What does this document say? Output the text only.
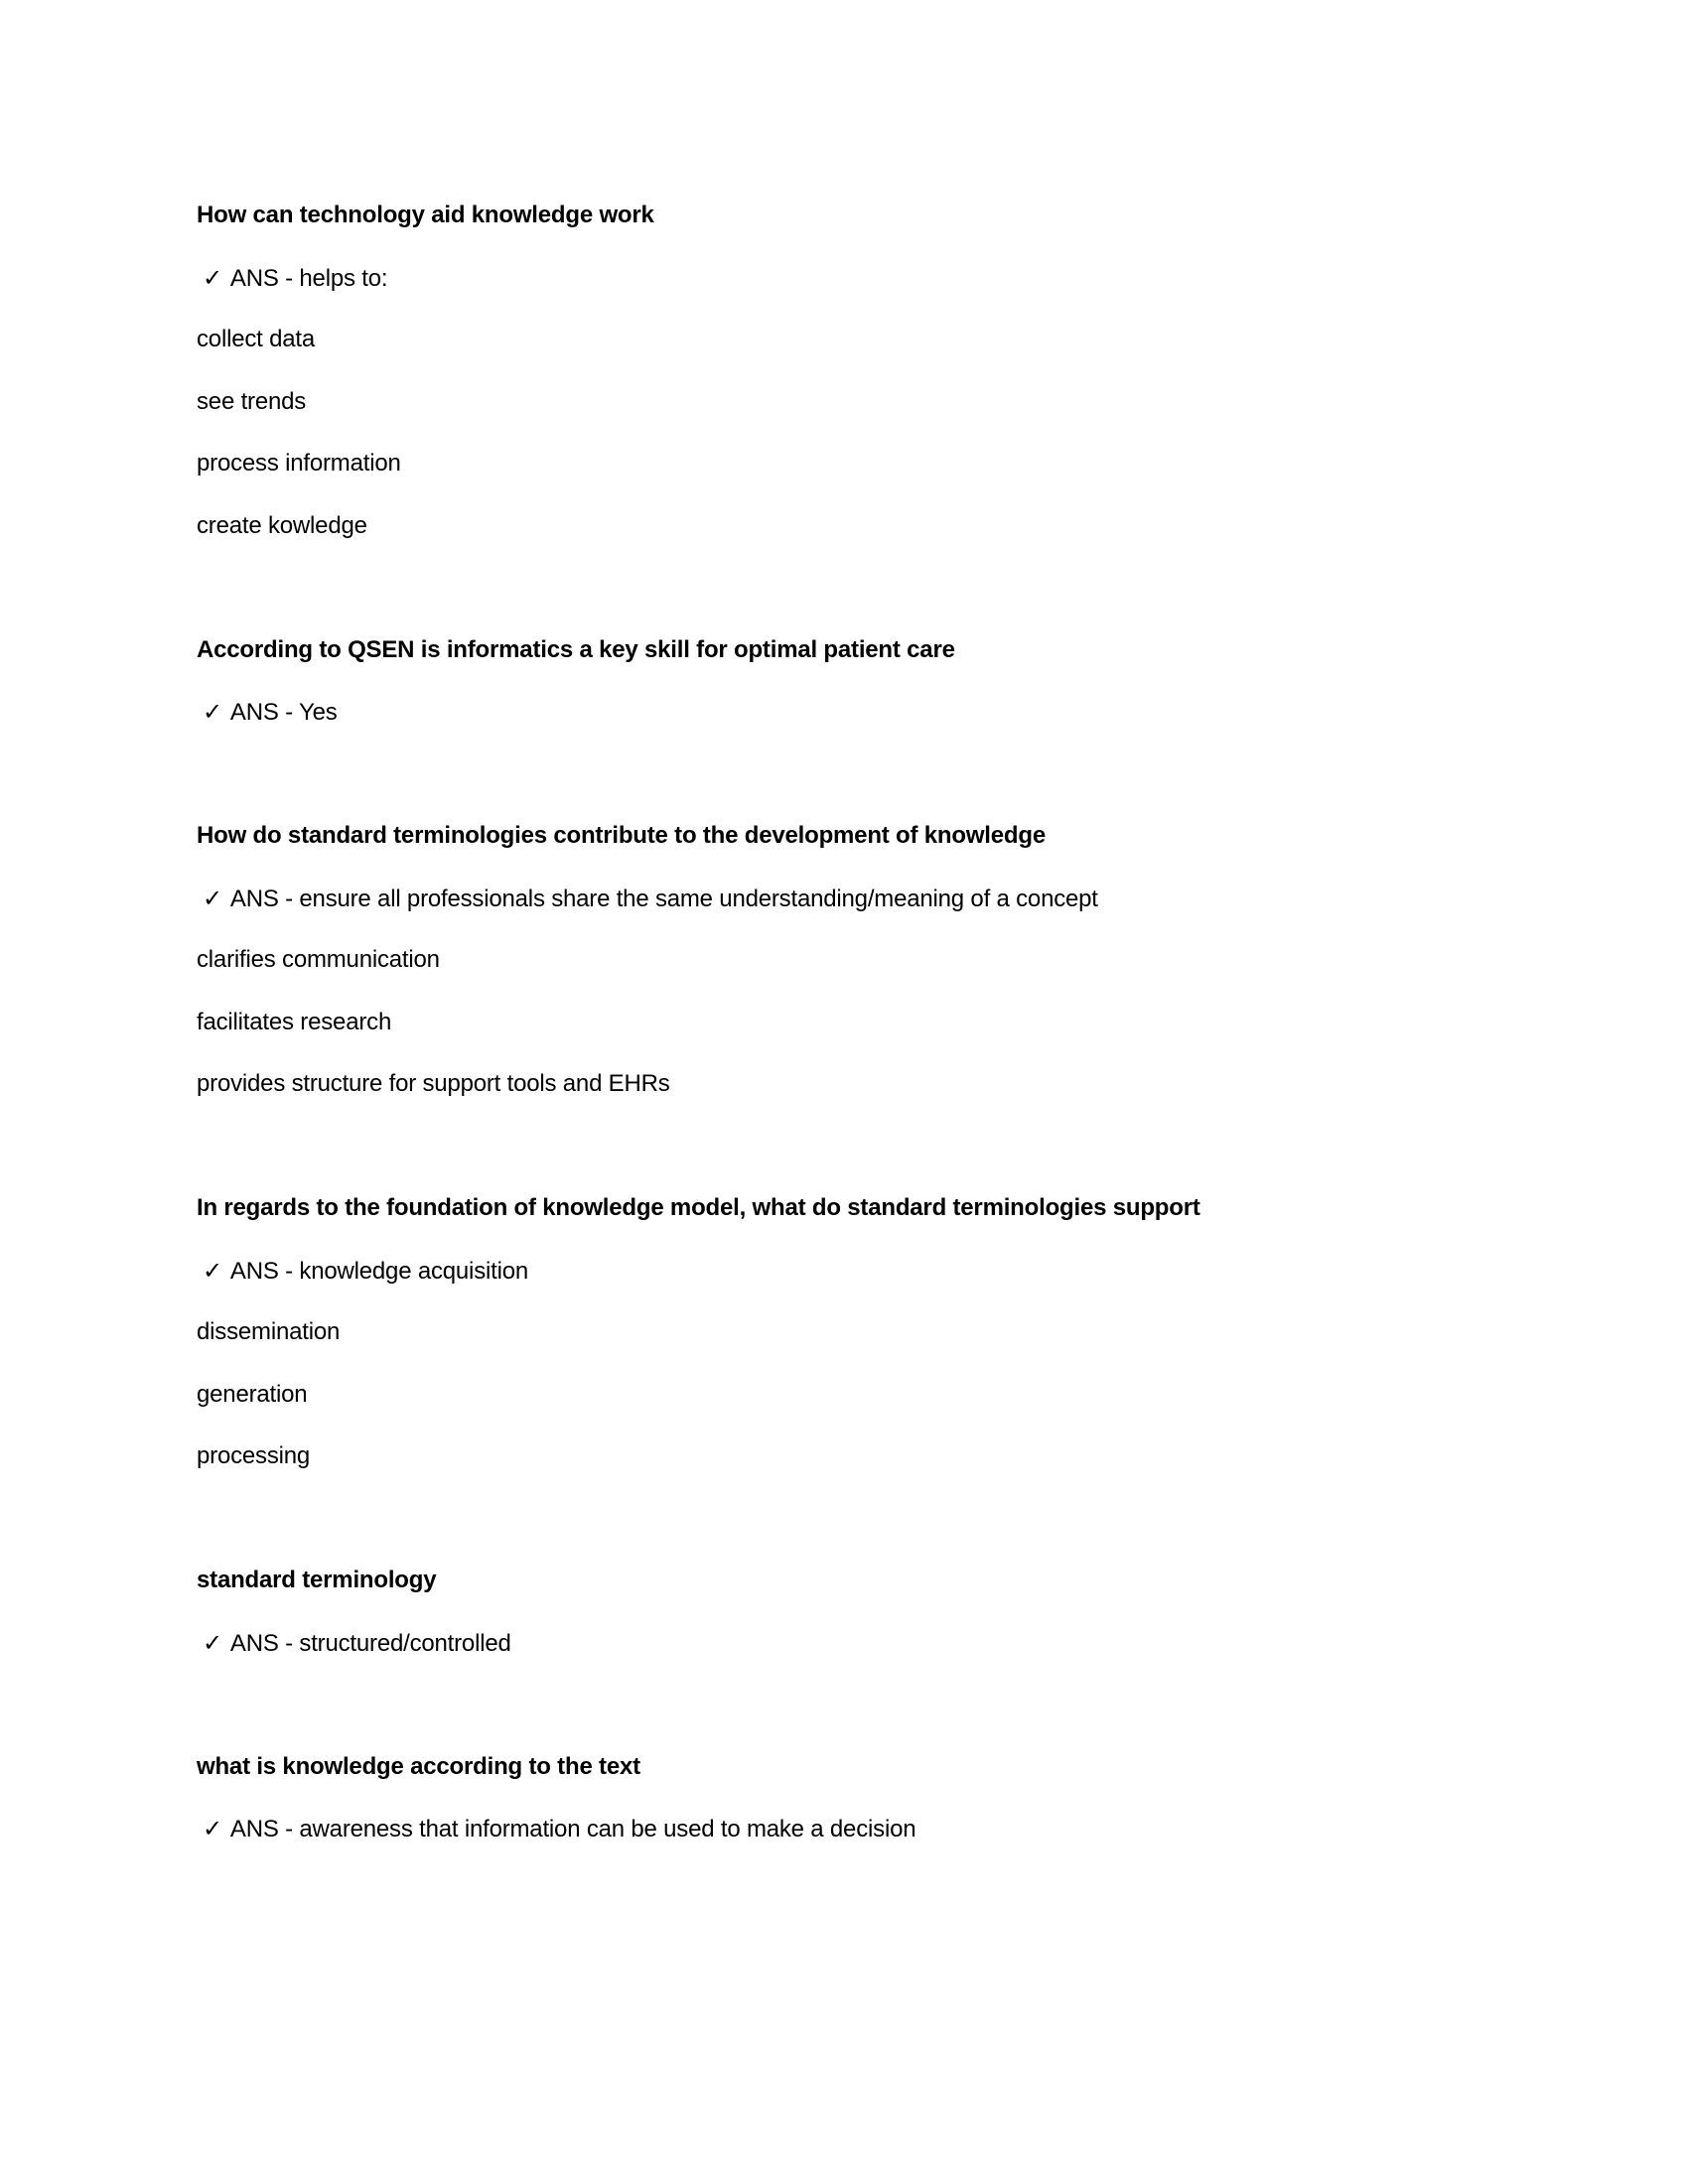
How can technology aid knowledge work
✓ ANS - helps to:
collect data
see trends
process information
create kowledge
According to QSEN is informatics a key skill for optimal patient care
✓ ANS - Yes
How do standard terminologies contribute to the development of knowledge
✓ ANS - ensure all professionals share the same understanding/meaning of a concept
clarifies communication
facilitates research
provides structure for support tools and EHRs
In regards to the foundation of knowledge model, what do standard terminologies support
✓ ANS - knowledge acquisition
dissemination
generation
processing
standard terminology
✓ ANS - structured/controlled
what is knowledge according to the text
✓ ANS - awareness that information can be used to make a decision
